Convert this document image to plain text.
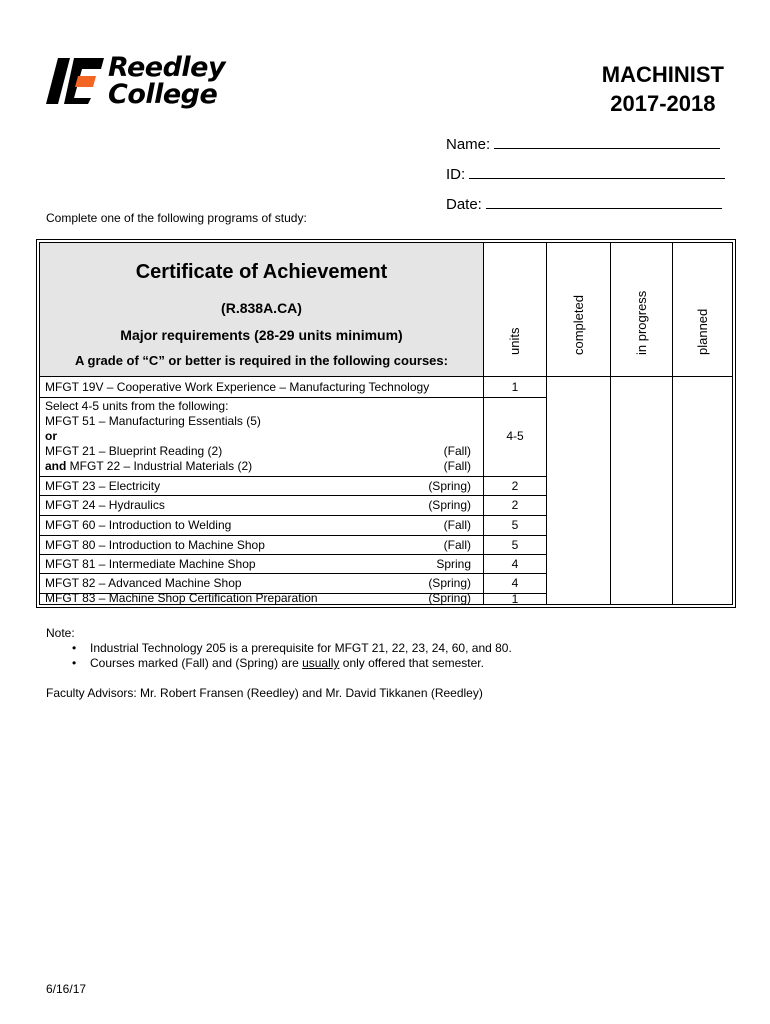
Reedley
College
MACHINIST
2017-2018
Name:
ID:
Date:
Complete one of the following programs of study:
Certificate of Achievement
(R.838A.CA)
Major requirements (28-29 units minimum)
A grade of “C” or better is required in the following courses:
units	completed	in progress	planned
MFGT 19V – Cooperative Work Experience – Manufacturing Technology	1
Select 4-5 units from the following:
MFGT 51 – Manufacturing Essentials (5)
or
MFGT 21 – Blueprint Reading (2)	(Fall)
and MFGT 22 – Industrial Materials (2)	(Fall)
4-5
MFGT 23 – Electricity	(Spring)	2
MFGT 24 – Hydraulics	(Spring)	2
MFGT 60 – Introduction to Welding	(Fall)	5
MFGT 80 – Introduction to Machine Shop	(Fall)	5
MFGT 81 – Intermediate Machine Shop	Spring	4
MFGT 82 – Advanced Machine Shop	(Spring)	4
MFGT 83 – Machine Shop Certification Preparation	(Spring)	1
Note:
• Industrial Technology 205 is a prerequisite for MFGT 21, 22, 23, 24, 60, and 80.
• Courses marked (Fall) and (Spring) are usually only offered that semester.
Faculty Advisors: Mr. Robert Fransen (Reedley) and Mr. David Tikkanen (Reedley)
6/16/17
